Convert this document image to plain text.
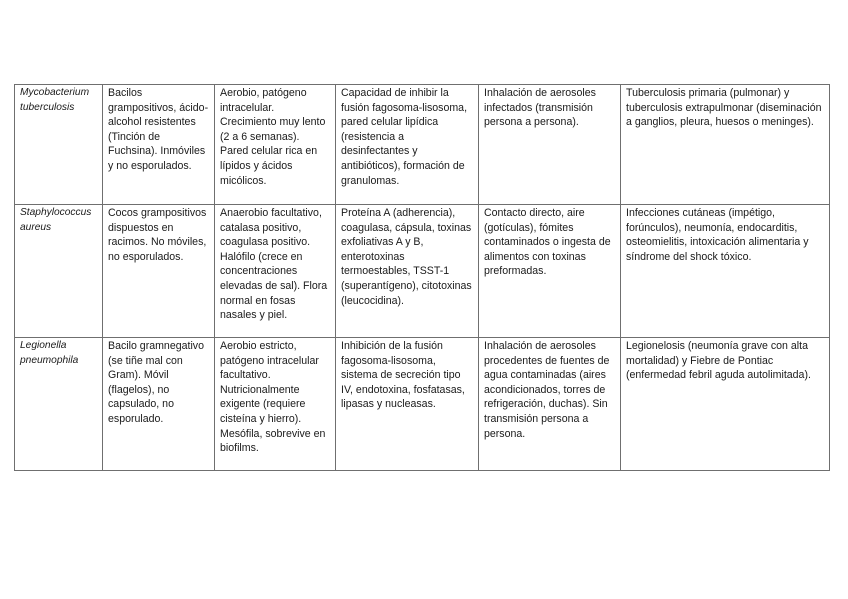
Mycobacterium tuberculosis	Bacilos grampositivos, ácido-alcohol resistentes (Tinción de Fuchsina). Inmóviles y no esporulados.	Aerobio, patógeno intracelular. Crecimiento muy lento (2 a 6 semanas). Pared celular rica en lípidos y ácidos micólicos.	Capacidad de inhibir la fusión fagosoma-lisosoma, pared celular lipídica (resistencia a desinfectantes y antibióticos), formación de granulomas.	Inhalación de aerosoles infectados (transmisión persona a persona).	Tuberculosis primaria (pulmonar) y tuberculosis extrapulmonar (diseminación a ganglios, pleura, huesos o meninges).
Staphylococcus aureus	Cocos grampositivos dispuestos en racimos. No móviles, no esporulados.	Anaerobio facultativo, catalasa positivo, coagulasa positivo. Halófilo (crece en concentraciones elevadas de sal). Flora normal en fosas nasales y piel.	Proteína A (adherencia), coagulasa, cápsula, toxinas exfoliativas A y B, enterotoxinas termoestables, TSST-1 (superantígeno), citotoxinas (leucocidina).	Contacto directo, aire (gotículas), fómites contaminados o ingesta de alimentos con toxinas preformadas.	Infecciones cutáneas (impétigo, forúnculos), neumonía, endocarditis, osteomielitis, intoxicación alimentaria y síndrome del shock tóxico.
Legionella pneumophila	Bacilo gramnegativo (se tiñe mal con Gram). Móvil (flagelos), no capsulado, no esporulado.	Aerobio estricto, patógeno intracelular facultativo. Nutricionalmente exigente (requiere cisteína y hierro). Mesófila, sobrevive en biofilms.	Inhibición de la fusión fagosoma-lisosoma, sistema de secreción tipo IV, endotoxina, fosfatasas, lipasas y nucleasas.	Inhalación de aerosoles procedentes de fuentes de agua contaminadas (aires acondicionados, torres de refrigeración, duchas). Sin transmisión persona a persona.	Legionelosis (neumonía grave con alta mortalidad) y Fiebre de Pontiac (enfermedad febril aguda autolimitada).
